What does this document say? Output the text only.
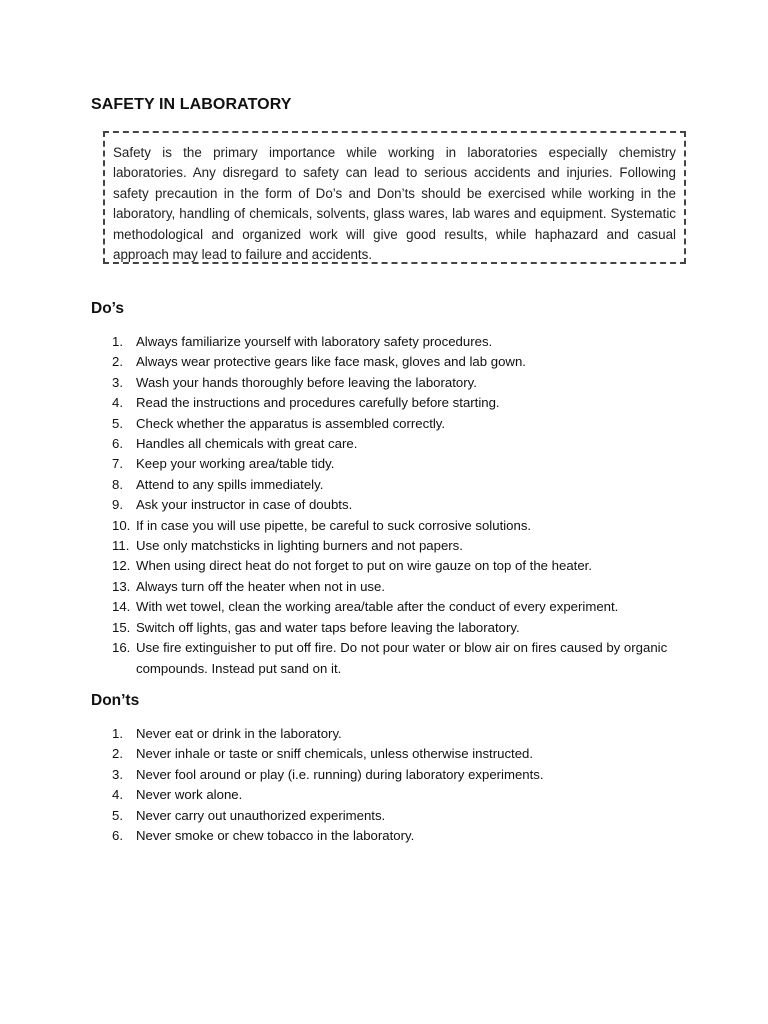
SAFETY IN LABORATORY

Safety is the primary importance while working in laboratories especially chemistry laboratories. Any disregard to safety can lead to serious accidents and injuries. Following safety precaution in the form of Do’s and Don’ts should be exercised while working in the laboratory, handling of chemicals, solvents, glass wares, lab wares and equipment. Systematic methodological and organized work will give good results, while haphazard and casual approach may lead to failure and accidents.

Do’s
1. Always familiarize yourself with laboratory safety procedures.
2. Always wear protective gears like face mask, gloves and lab gown.
3. Wash your hands thoroughly before leaving the laboratory.
4. Read the instructions and procedures carefully before starting.
5. Check whether the apparatus is assembled correctly.
6. Handles all chemicals with great care.
7. Keep your working area/table tidy.
8. Attend to any spills immediately.
9. Ask your instructor in case of doubts.
10. If in case you will use pipette, be careful to suck corrosive solutions.
11. Use only matchsticks in lighting burners and not papers.
12. When using direct heat do not forget to put on wire gauze on top of the heater.
13. Always turn off the heater when not in use.
14. With wet towel, clean the working area/table after the conduct of every experiment.
15. Switch off lights, gas and water taps before leaving the laboratory.
16. Use fire extinguisher to put off fire. Do not pour water or blow air on fires caused by organic compounds. Instead put sand on it.
Don’ts
1. Never eat or drink in the laboratory.
2. Never inhale or taste or sniff chemicals, unless otherwise instructed.
3. Never fool around or play (i.e. running) during laboratory experiments.
4. Never work alone.
5. Never carry out unauthorized experiments.
6. Never smoke or chew tobacco in the laboratory.
